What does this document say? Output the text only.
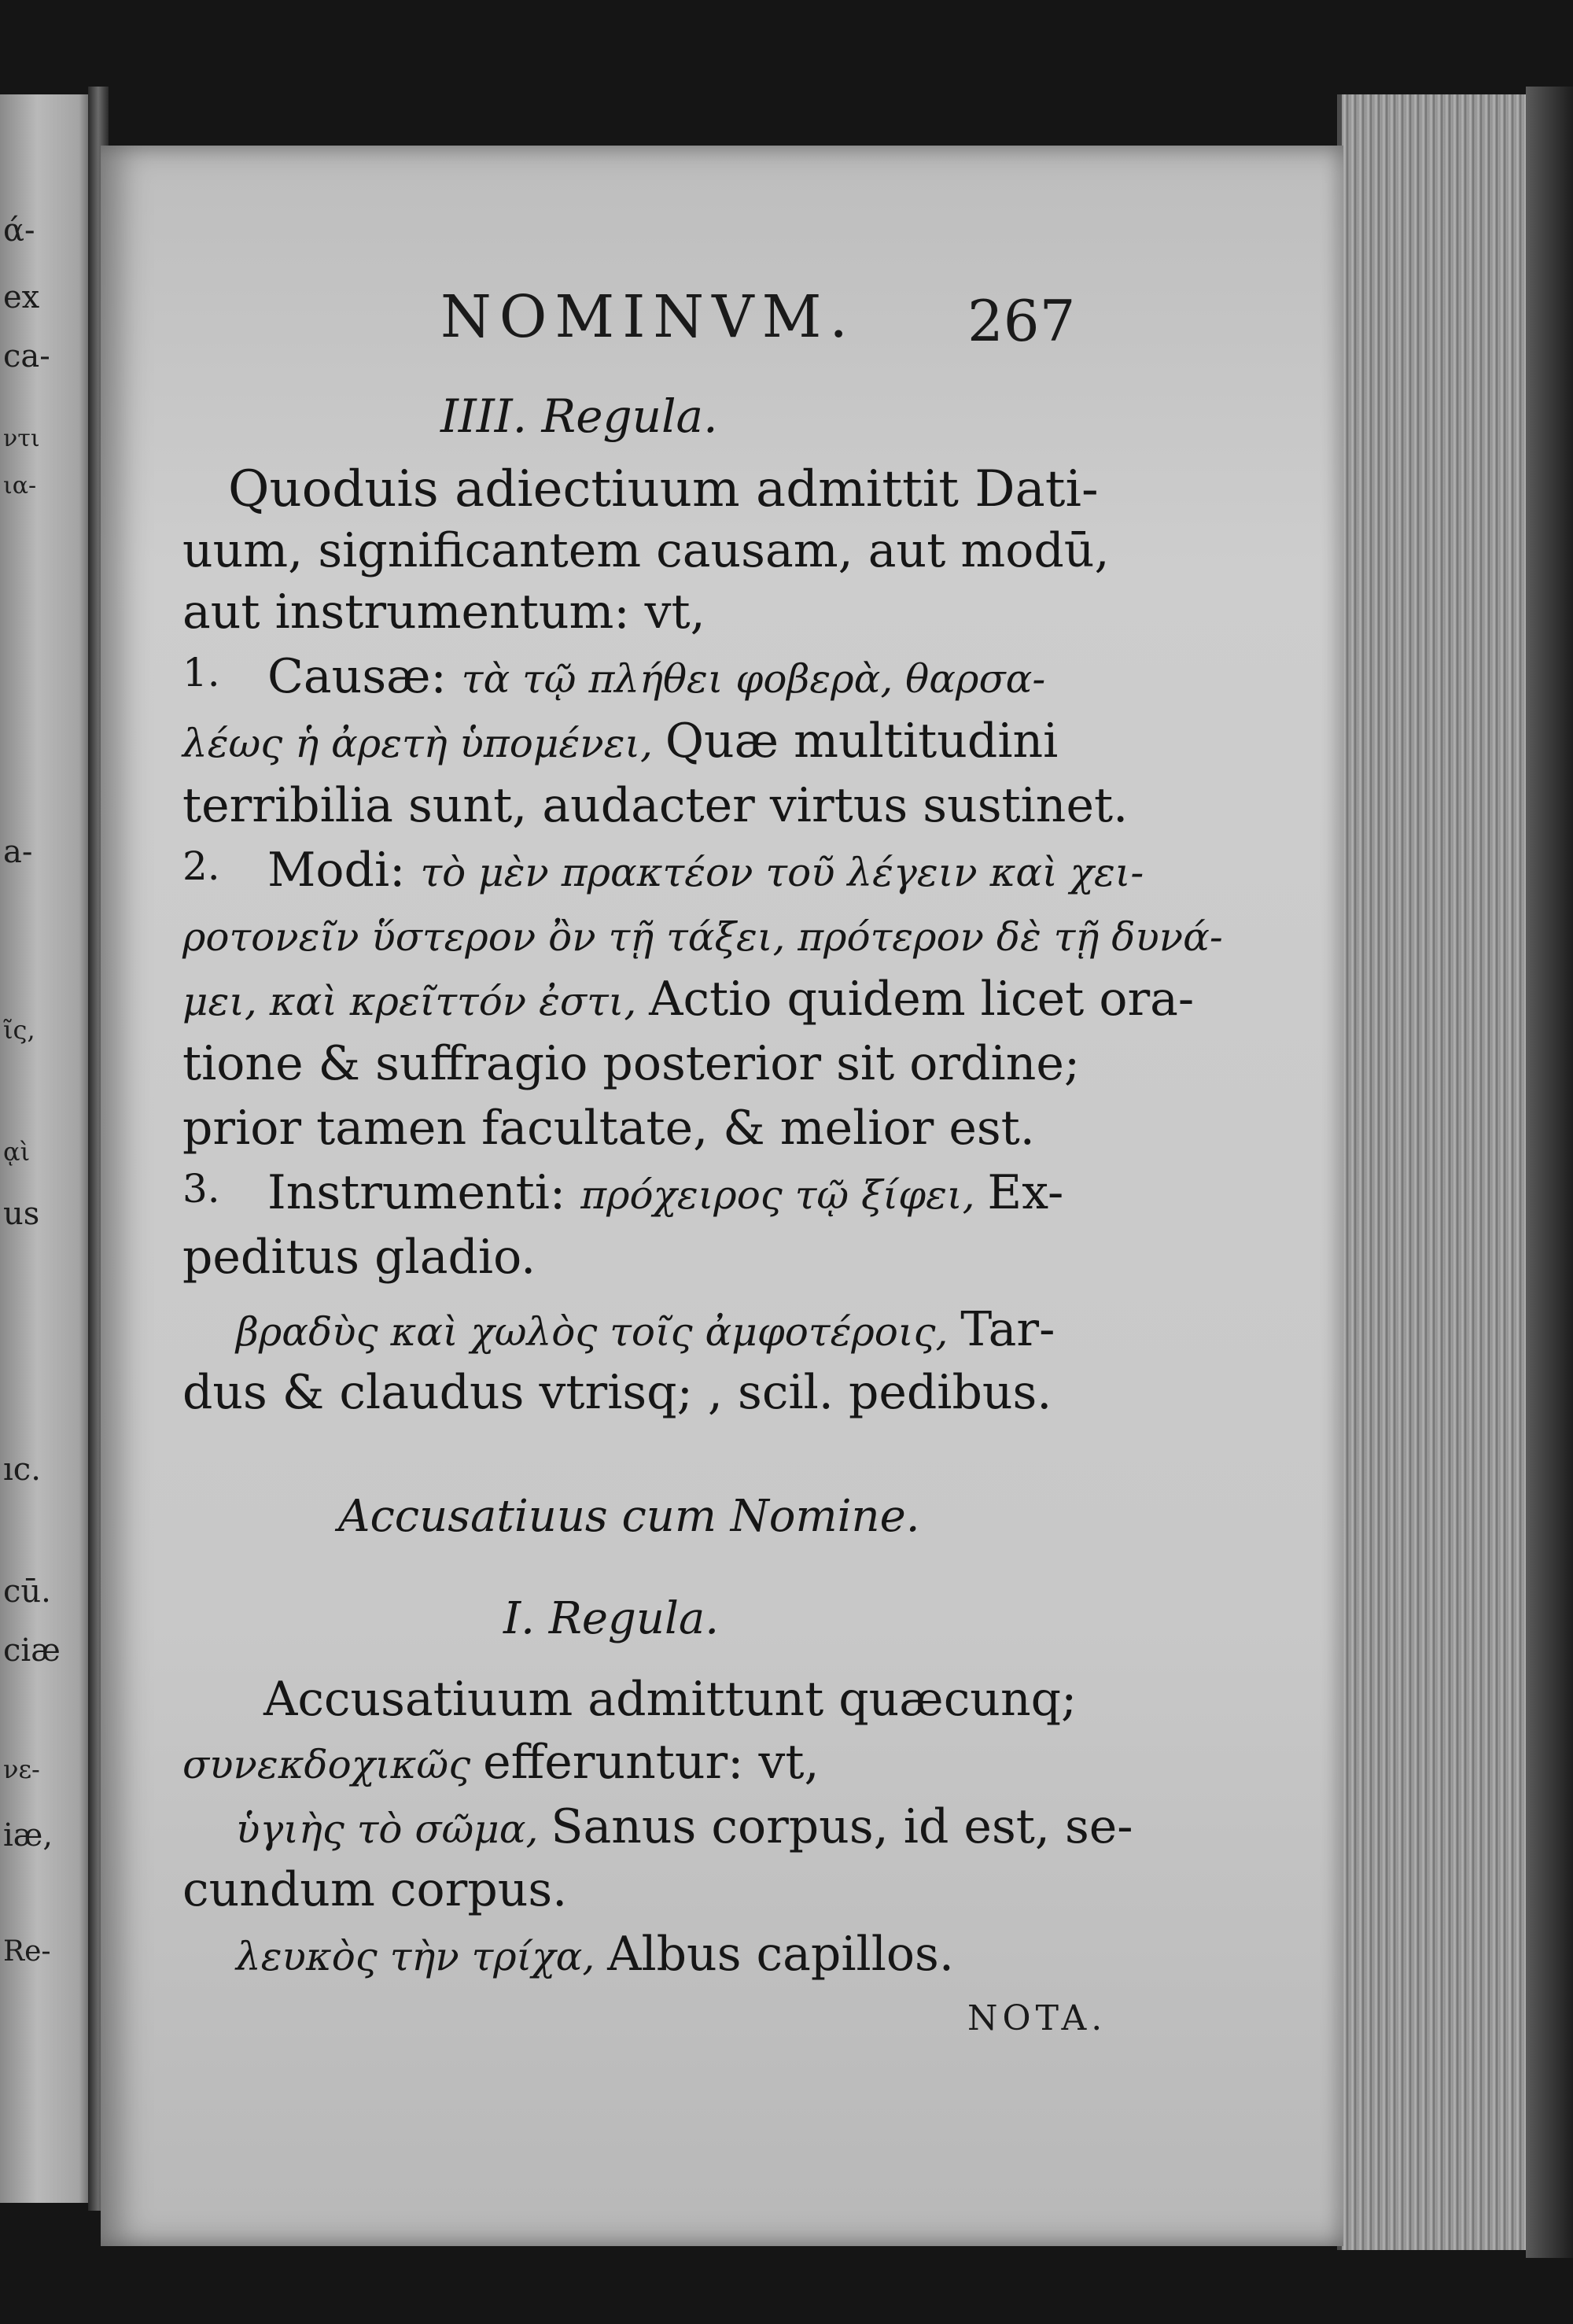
ά-

ex

ca-

ντι

ια-

a-

ῖς,

ᾳὶ

us

ıc.

cū.

ciæ

νε-

iæ,

Re-

NOMINVM. 267

IIII. Regula.

Quoduis adiectiuum admittit Dati-

uum, significantem causam, aut modū,

aut instrumentum: vt,

1. Causæ: τὰ τῷ πλήθει φοβερὰ, θαρσα-

λέως ἡ ἀρετὴ ὑπομένει, Quæ multitudini

terribilia sunt, audacter virtus sustinet.

2. Modi: τὸ μὲν πρακτέον τοῦ λέγειν καὶ χει-

ροτονεῖν ὕστερον ὂν τῇ τάξει, πρότερον δὲ τῇ δυνά-

μει, καὶ κρεῖττόν ἐστι, Actio quidem licet ora-

tione & suffragio posterior sit ordine;

prior tamen facultate, & melior est.

3. Instrumenti: πρόχειρος τῷ ξίφει, Ex-

peditus gladio.

βραδὺς καὶ χωλὸς τοῖς ἀμφοτέροις, Tar-

dus & claudus vtrisq; , scil. pedibus.

Accusatiuus cum Nomine.

I. Regula.

Accusatiuum admittunt quæcunq;

συνεκδοχικῶς efferuntur: vt,

ὑγιὴς τὸ σῶμα, Sanus corpus, id est, se-

cundum corpus.

λευκὸς τὴν τρίχα, Albus capillos.

NOTA.
